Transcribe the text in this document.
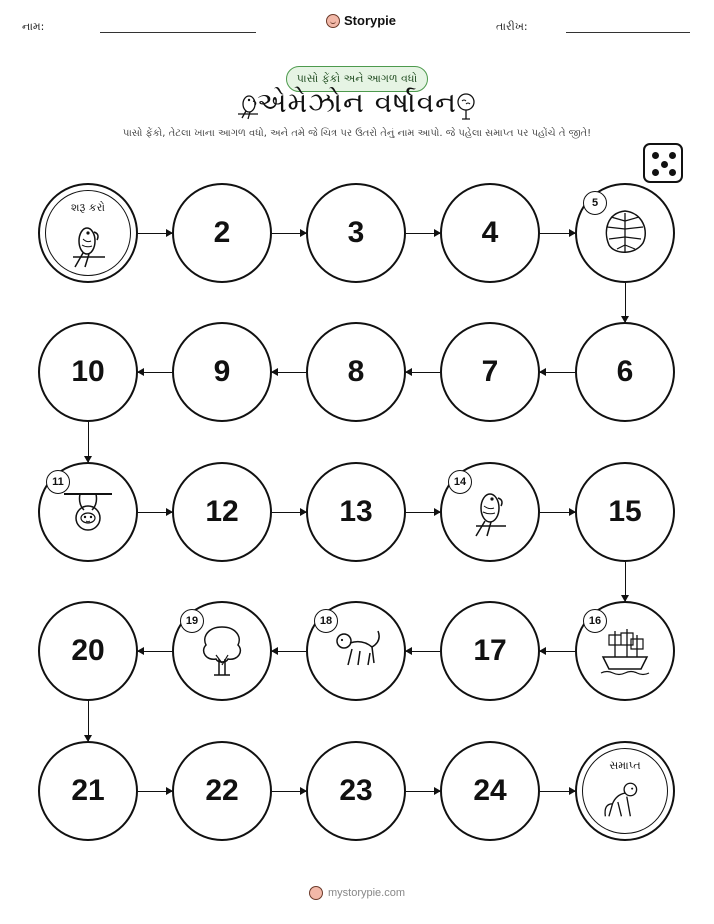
નામ:	Storypie	તારીખ:
પાસો ફેંકો અને આગળ વધો
એમેઝોન વર્ષાવન
પાસો ફેંકો, તેટલા ખાના આગળ વધો, અને તમે જે ચિત્ર પર ઉતરો તેનું નામ આપો. જે પહેલા સમાપ્ત પર પહોંચે તે જીતે!
શરૂ કરો
2	3	4
5
10	9	8	7	6
11
12	13
14
15
20
19	18
17
16
21	22	23	24
સમાપ્ત
mystorypie.com
